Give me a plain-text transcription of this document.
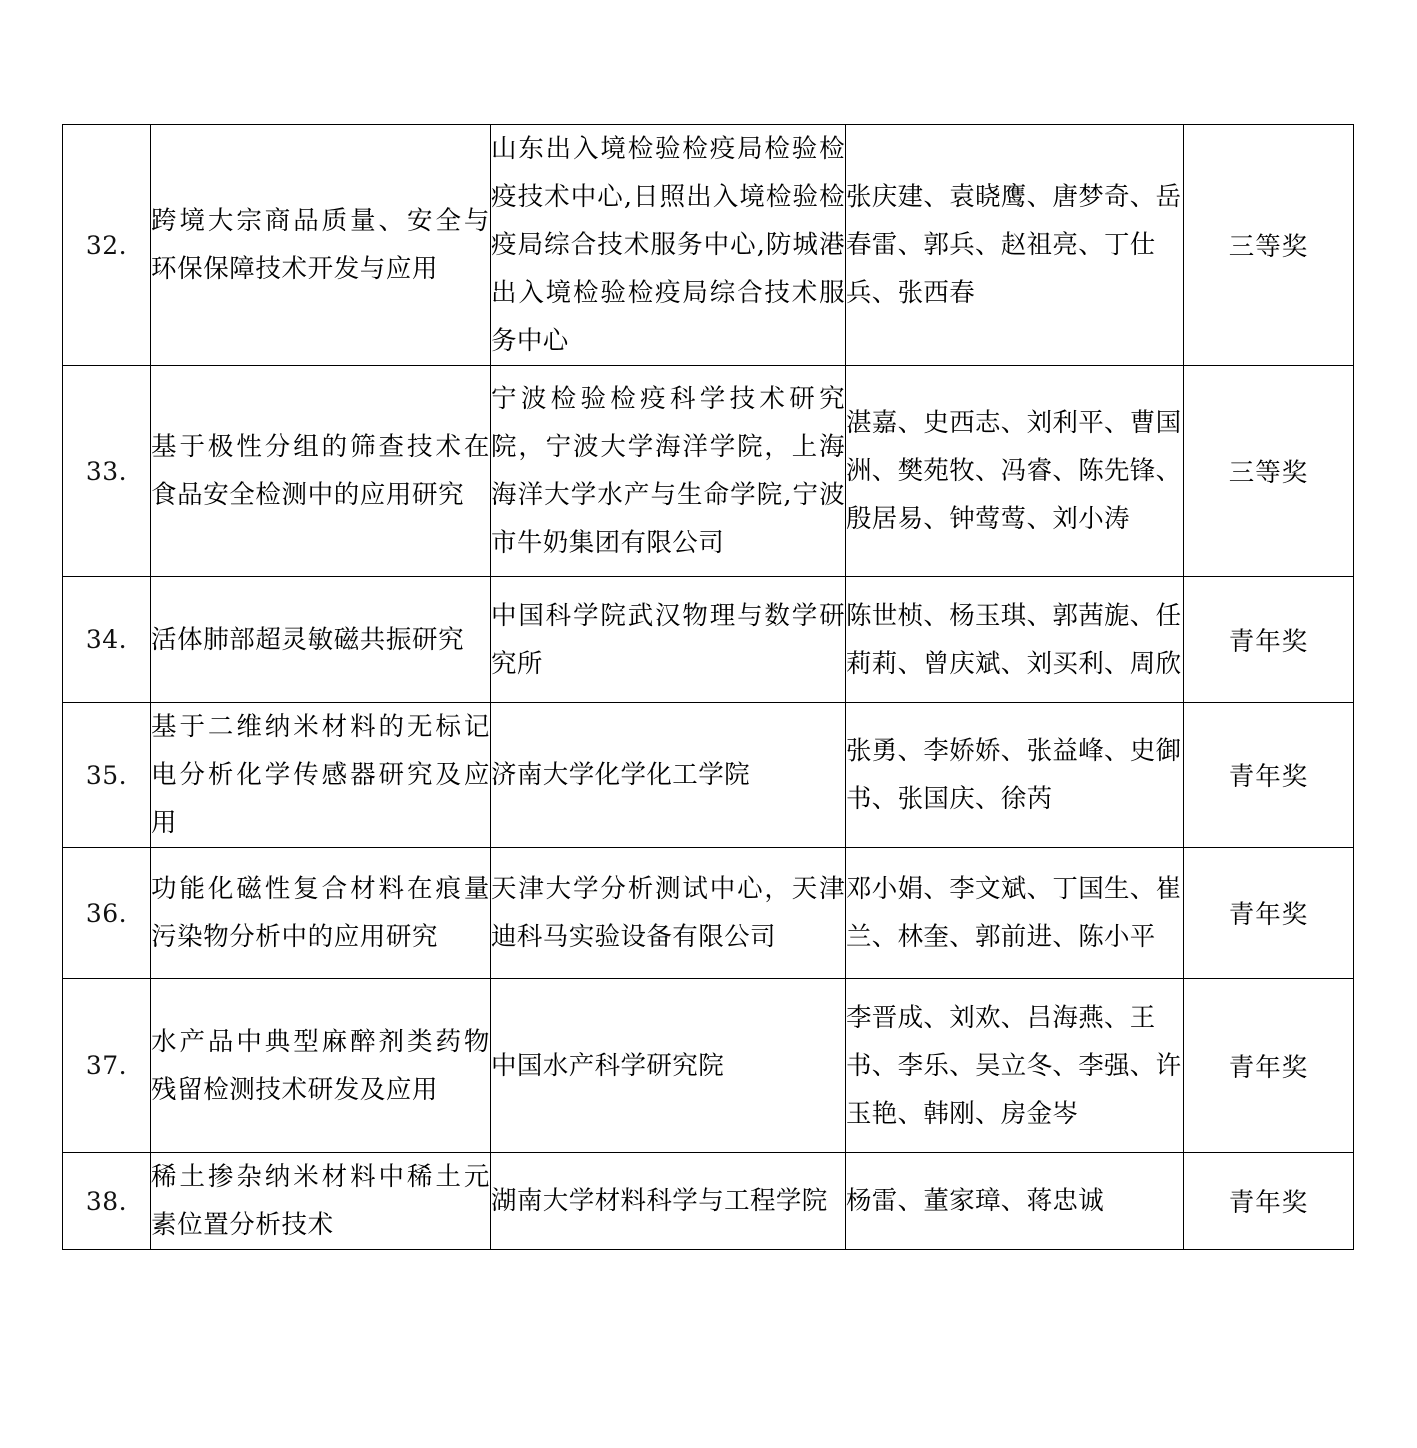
32.	跨境大宗商品质量、安全与环保保障技术开发与应用	山东出入境检验检疫局检验检疫技术中心,日照出入境检验检疫局综合技术服务中心,防城港出入境检验检疫局综合技术服务中心	张庆建、袁晓鹰、唐梦奇、岳春雷、郭兵、赵祖亮、丁仕兵、张西春	三等奖
33.	基于极性分组的筛查技术在食品安全检测中的应用研究	宁波检验检疫科学技术研究院，宁波大学海洋学院，上海海洋大学水产与生命学院,宁波市牛奶集团有限公司	湛嘉、史西志、刘利平、曹国洲、樊苑牧、冯睿、陈先锋、殷居易、钟莺莺、刘小涛	三等奖
34.	活体肺部超灵敏磁共振研究	中国科学院武汉物理与数学研究所	陈世桢、杨玉琪、郭茜旎、任莉莉、曾庆斌、刘买利、周欣	青年奖
35.	基于二维纳米材料的无标记电分析化学传感器研究及应用	济南大学化学化工学院	张勇、李娇娇、张益峰、史御书、张国庆、徐芮	青年奖
36.	功能化磁性复合材料在痕量污染物分析中的应用研究	天津大学分析测试中心，天津迪科马实验设备有限公司	邓小娟、李文斌、丁国生、崔兰、林奎、郭前进、陈小平	青年奖
37.	水产品中典型麻醉剂类药物残留检测技术研发及应用	中国水产科学研究院	李晋成、刘欢、吕海燕、王书、李乐、吴立冬、李强、许玉艳、韩刚、房金岑	青年奖
38.	稀土掺杂纳米材料中稀土元素位置分析技术	湖南大学材料科学与工程学院	杨雷、董家璋、蒋忠诚	青年奖
